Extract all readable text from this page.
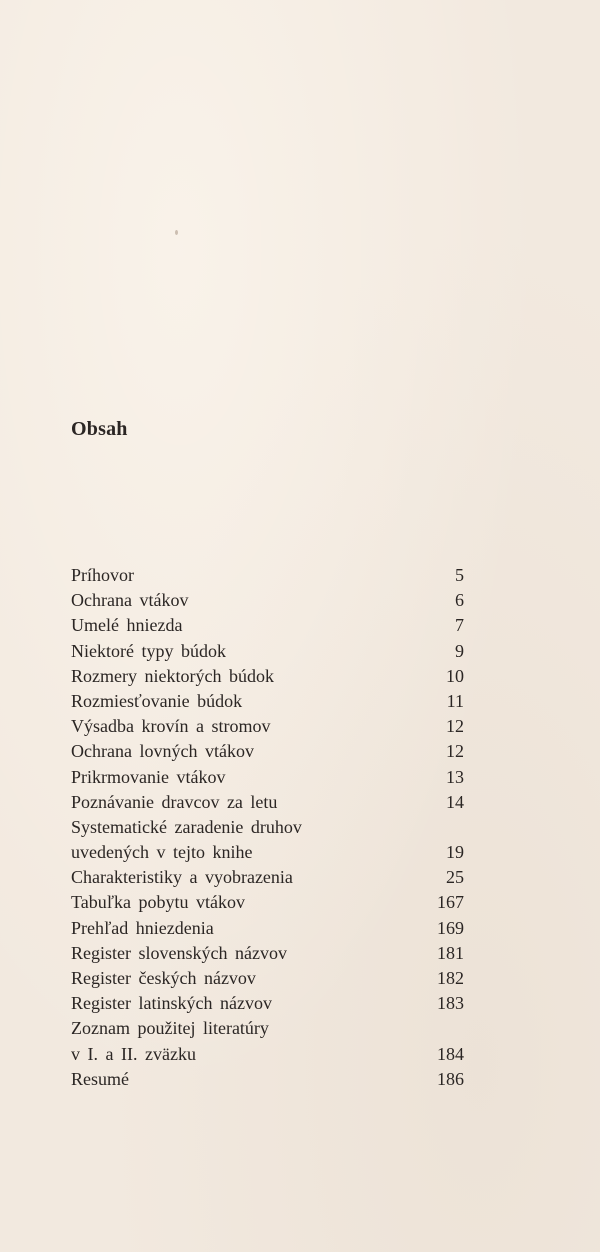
Obsah
Príhovor	5
Ochrana vtákov	6
Umelé hniezda	7
Niektoré typy búdok	9
Rozmery niektorých búdok	10
Rozmiesťovanie búdok	11
Výsadba krovín a stromov	12
Ochrana lovných vtákov	12
Prikrmovanie vtákov	13
Poznávanie dravcov za letu	14
Systematické zaradenie druhov
uvedených v tejto knihe	19
Charakteristiky a vyobrazenia	25
Tabuľka pobytu vtákov	167
Prehľad hniezdenia	169
Register slovenských názvov	181
Register českých názvov	182
Register latinských názvov	183
Zoznam použitej literatúry
v I. a II. zväzku	184
Resumé	186
